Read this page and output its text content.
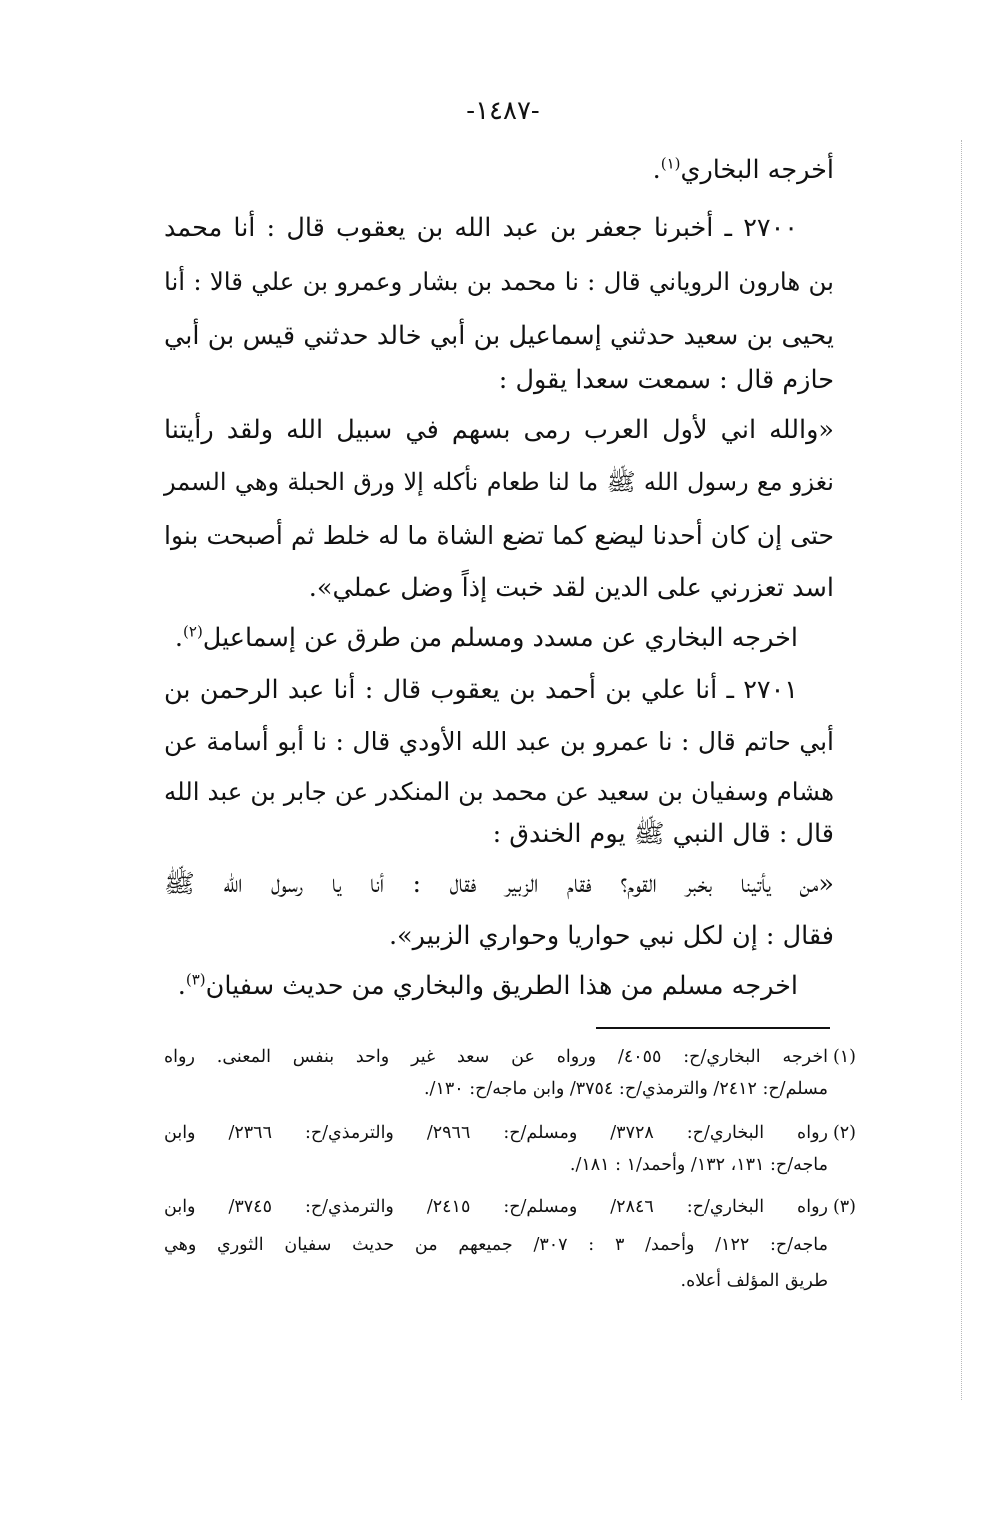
-١٤٨٧-
أخرجه البخاري$^{(١)}$.
٢٧٠٠ ـ أخبرنا جعفر بن عبد الله بن يعقوب قال : أنا محمد
بن هارون الروياني قال : نا محمد بن بشار وعمرو بن علي قالا : أنا
يحيى بن سعيد حدثني إسماعيل بن أبي خالد حدثني قيس بن أبي
حازم قال : سمعت سعدا يقول :
«والله اني لأول العرب رمى بسهم في سبيل الله ولقد رأيتنا
نغزو مع رسول الله ﷺ ما لنا طعام نأكله إلا ورق الحبلة وهي السمر
حتى إن كان أحدنا ليضع كما تضع الشاة ما له خلط ثم أصبحت بنوا
اسد تعزرني على الدين لقد خبت إذاً وضل عملي».
اخرجه البخاري عن مسدد ومسلم من طرق عن إسماعيل$^{(٢)}$.
٢٧٠١ ـ أنا علي بن أحمد بن يعقوب قال : أنا عبد الرحمن بن
أبي حاتم قال : نا عمرو بن عبد الله الأودي قال : نا أبو أسامة عن
هشام وسفيان بن سعيد عن محمد بن المنكدر عن جابر بن عبد الله
قال : قال النبي ﷺ يوم الخندق :
«من يأتينا بخبر القوم؟ فقام الزبير فقال : أنا يا رسول الله ﷺ
فقال : إن لكل نبي حواريا وحواري الزبير».
اخرجه مسلم من هذا الطريق والبخاري من حديث سفيان$^{(٣)}$.
(١)
اخرجه البخاري/ح: ٤٠٥٥/ ورواه عن سعد غير واحد بنفس المعنى. رواه
مسلم/ح: ٢٤١٢/ والترمذي/ح: ٣٧٥٤/ وابن ماجه/ح: ١٣٠/.
(٢)
رواه البخاري/ح: ٣٧٢٨/ ومسلم/ح: ٢٩٦٦/ والترمذي/ح: ٢٣٦٦/ وابن
ماجه/ح: ١٣١، ١٣٢/ وأحمد/١ : ١٨١/.
(٣)
رواه البخاري/ح: ٢٨٤٦/ ومسلم/ح: ٢٤١٥/ والترمذي/ح: ٣٧٤٥/ وابن
ماجه/ح: ١٢٢/ وأحمد/ ٣ : ٣٠٧/ جميعهم من حديث سفيان الثوري وهي
طريق المؤلف أعلاه.
